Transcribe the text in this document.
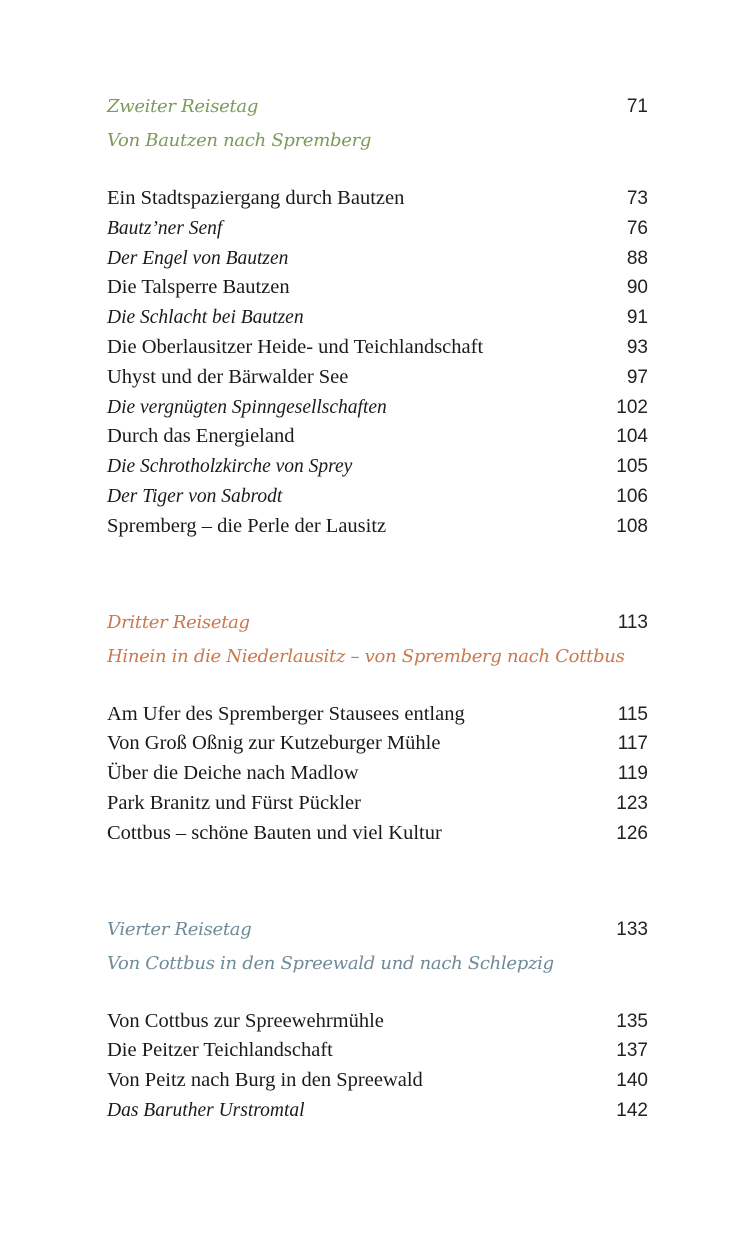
Zweiter Reisetag	71
Von Bautzen nach Spremberg
Ein Stadtspaziergang durch Bautzen	73
Bautz’ner Senf	76
Der Engel von Bautzen	88
Die Talsperre Bautzen	90
Die Schlacht bei Bautzen	91
Die Oberlausitzer Heide- und Teichlandschaft	93
Uhyst und der Bärwalder See	97
Die vergnügten Spinngesellschaften	102
Durch das Energieland	104
Die Schrotholzkirche von Sprey	105
Der Tiger von Sabrodt	106
Spremberg – die Perle der Lausitz	108
Dritter Reisetag	113
Hinein in die Niederlausitz – von Spremberg nach Cottbus
Am Ufer des Spremberger Stausees entlang	115
Von Groß Oßnig zur Kutzeburger Mühle	117
Über die Deiche nach Madlow	119
Park Branitz und Fürst Pückler	123
Cottbus – schöne Bauten und viel Kultur	126
Vierter Reisetag	133
Von Cottbus in den Spreewald und nach Schlepzig
Von Cottbus zur Spreewehrmühle	135
Die Peitzer Teichlandschaft	137
Von Peitz nach Burg in den Spreewald	140
Das Baruther Urstromtal	142
